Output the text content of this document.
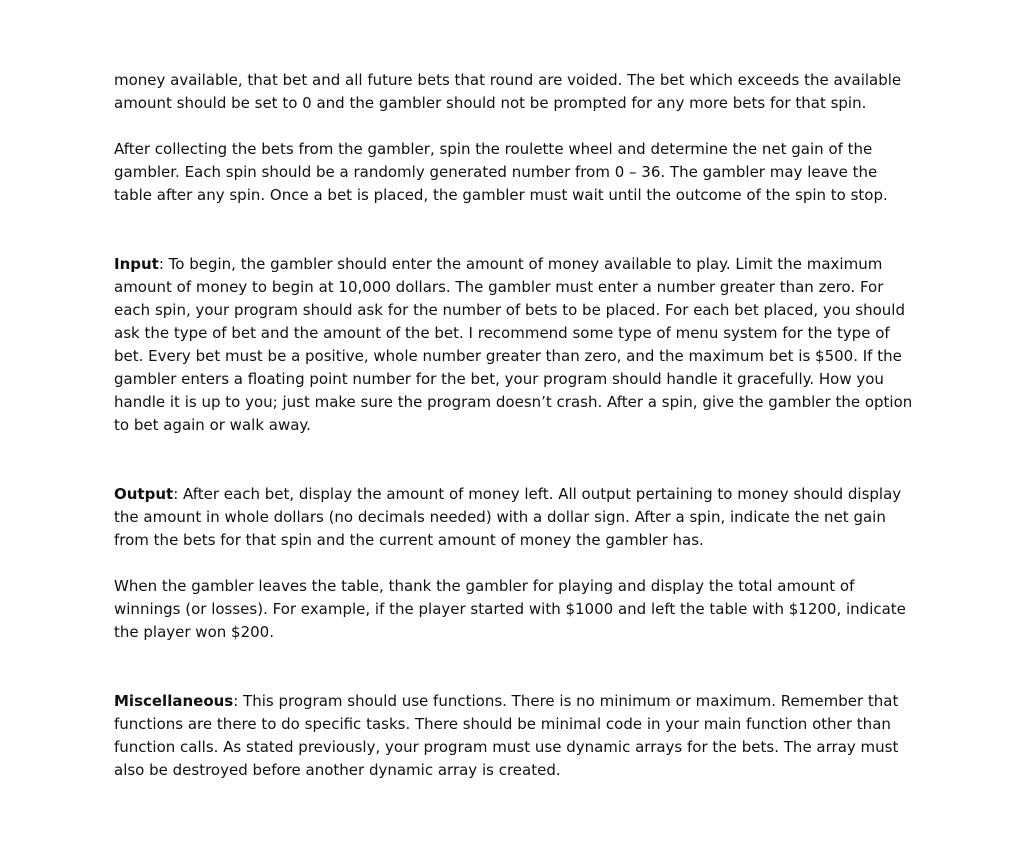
money available, that bet and all future bets that round are voided. The bet which exceeds the available amount should be set to 0 and the gambler should not be prompted for any more bets for that spin.

After collecting the bets from the gambler, spin the roulette wheel and determine the net gain of the gambler. Each spin should be a randomly generated number from 0 – 36. The gambler may leave the table after any spin. Once a bet is placed, the gambler must wait until the outcome of the spin to stop.

Input: To begin, the gambler should enter the amount of money available to play. Limit the maximum amount of money to begin at 10,000 dollars. The gambler must enter a number greater than zero. For each spin, your program should ask for the number of bets to be placed. For each bet placed, you should ask the type of bet and the amount of the bet. I recommend some type of menu system for the type of bet. Every bet must be a positive, whole number greater than zero, and the maximum bet is $500. If the gambler enters a floating point number for the bet, your program should handle it gracefully. How you handle it is up to you; just make sure the program doesn’t crash. After a spin, give the gambler the option to bet again or walk away.

Output: After each bet, display the amount of money left. All output pertaining to money should display the amount in whole dollars (no decimals needed) with a dollar sign. After a spin, indicate the net gain from the bets for that spin and the current amount of money the gambler has.

When the gambler leaves the table, thank the gambler for playing and display the total amount of winnings (or losses). For example, if the player started with $1000 and left the table with $1200, indicate the player won $200.

Miscellaneous: This program should use functions. There is no minimum or maximum. Remember that functions are there to do specific tasks. There should be minimal code in your main function other than function calls. As stated previously, your program must use dynamic arrays for the bets. The array must also be destroyed before another dynamic array is created.
